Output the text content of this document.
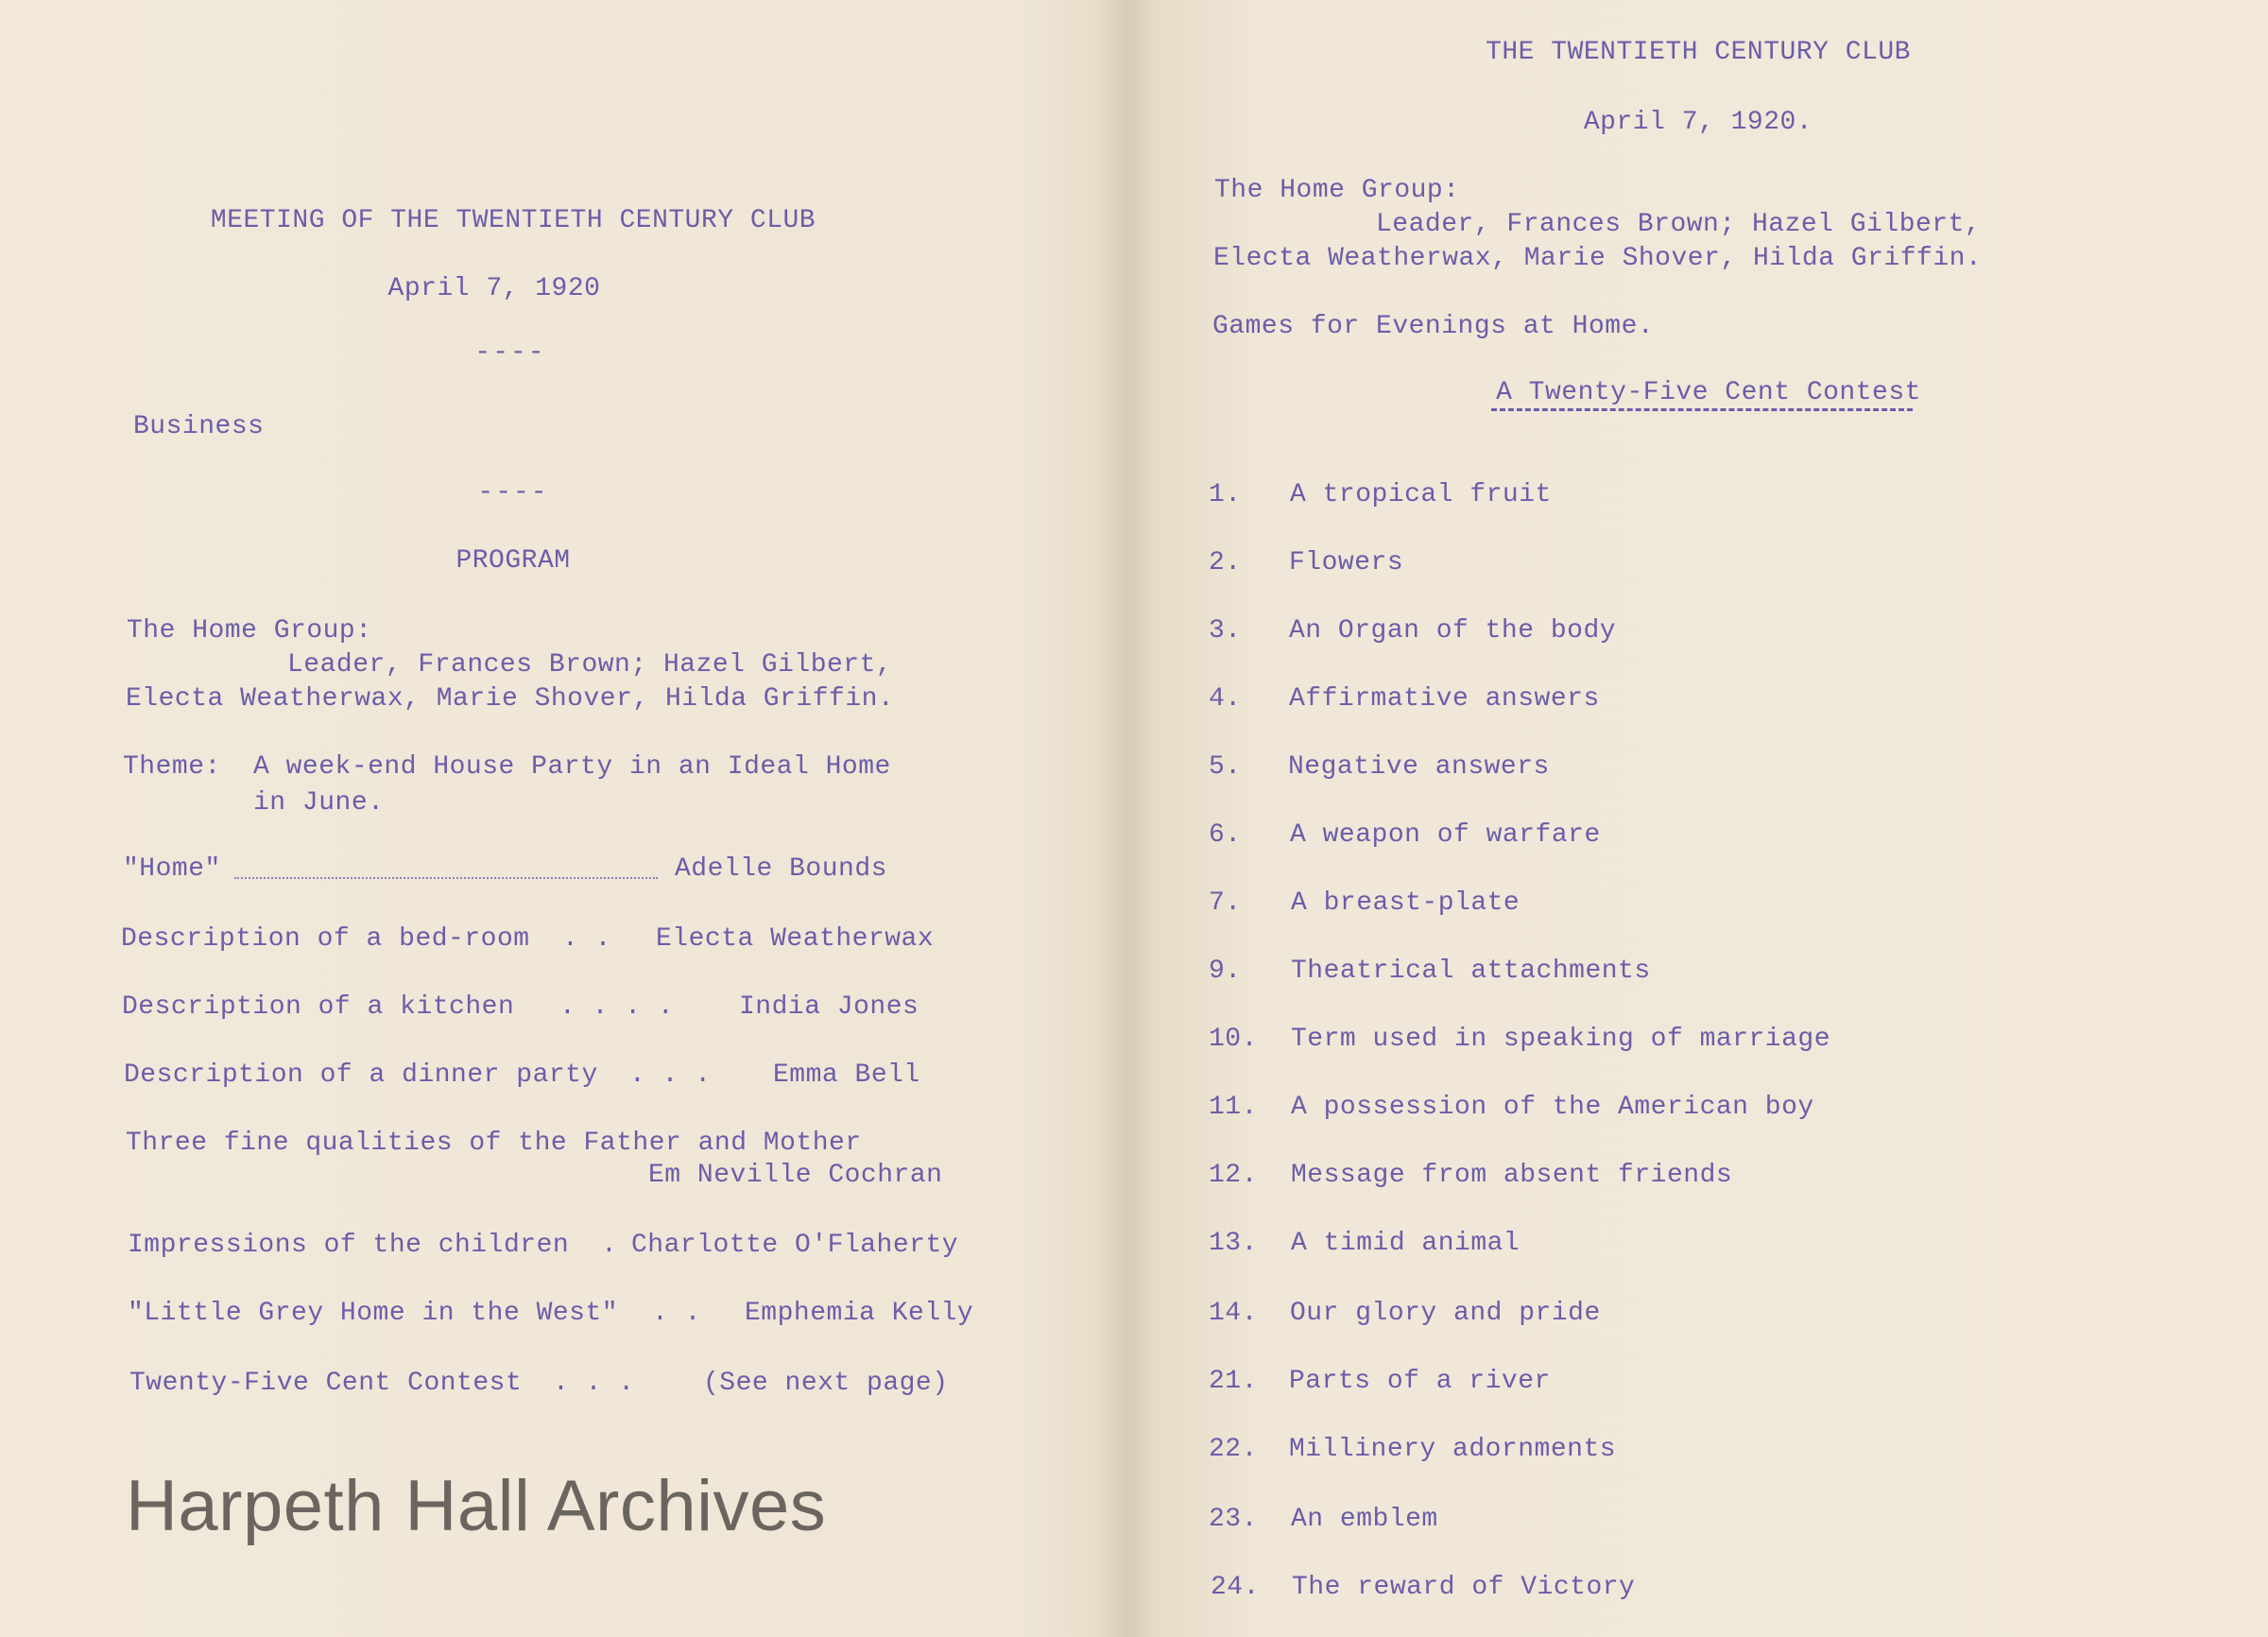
MEETING OF THE TWENTIETH CENTURY CLUB
April 7, 1920
----
Business
----
PROGRAM
The Home Group:
Leader, Frances Brown; Hazel Gilbert,
Electa Weatherwax, Marie Shover, Hilda Griffin.
Theme: A week-end House Party in an Ideal Home
in June.
"Home"	Adelle Bounds
Description of a bed-room . . Electa Weatherwax
Description of a kitchen . . . . India Jones
Description of a dinner party . . . Emma Bell
Three fine qualities of the Father and Mother
Em Neville Cochran
Impressions of the children . Charlotte O'Flaherty
"Little Grey Home in the West" . . Emphemia Kelly
Twenty-Five Cent Contest . . .	(See next page)
Harpeth Hall Archives
THE TWENTIETH CENTURY CLUB
April 7, 1920.
The Home Group:
Leader, Frances Brown; Hazel Gilbert,
Electa Weatherwax, Marie Shover, Hilda Griffin.
Games for Evenings at Home.
A Twenty-Five Cent Contest
1. A tropical fruit
2. Flowers
3. An Organ of the body
4. Affirmative answers
5. Negative answers
6. A weapon of warfare
7. A breast-plate
9. Theatrical attachments
10. Term used in speaking of marriage
11. A possession of the American boy
12. Message from absent friends
13. A timid animal
14. Our glory and pride
21. Parts of a river
22. Millinery adornments
23. An emblem
24. The reward of Victory
